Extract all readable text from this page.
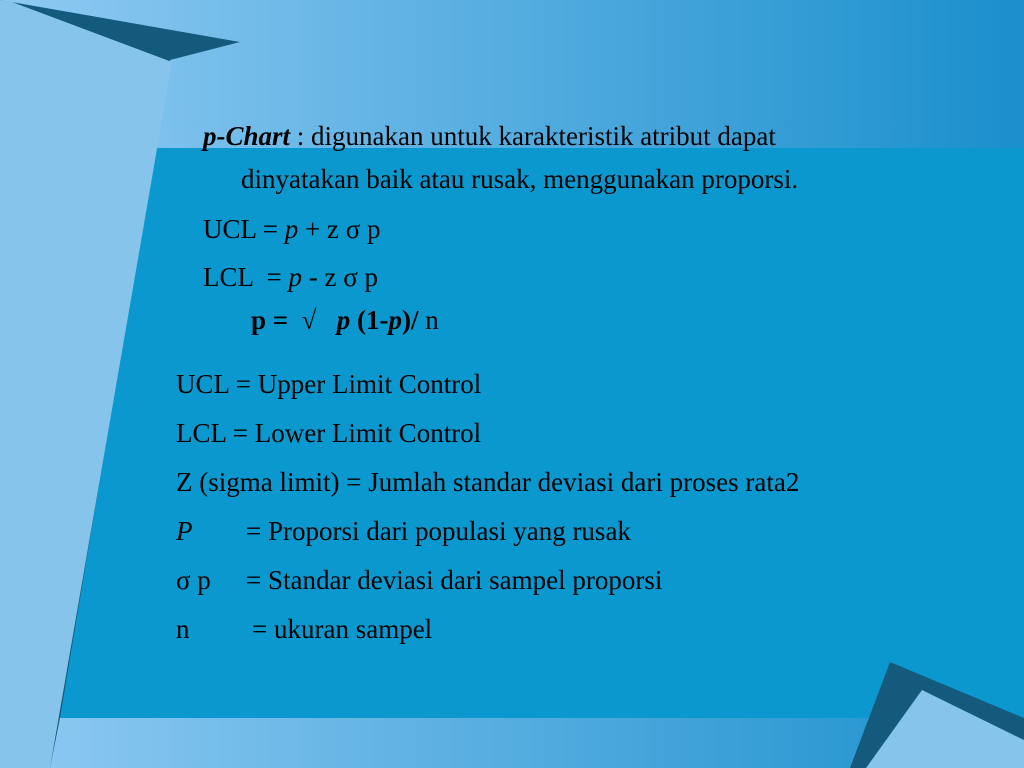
p-Chart : digunakan untuk karakteristik atribut dapat

dinyatakan baik atau rusak, menggunakan proporsi.

UCL = p + z σ p

LCL  = p - z σ p

p =  √   p (1-p)/ n

UCL = Upper Limit Control
LCL = Lower Limit Control
Z (sigma limit) = Jumlah standar deviasi dari proses rata2
P = Proporsi dari populasi yang rusak
σ p = Standar deviasi dari sampel proporsi
n = ukuran sampel
